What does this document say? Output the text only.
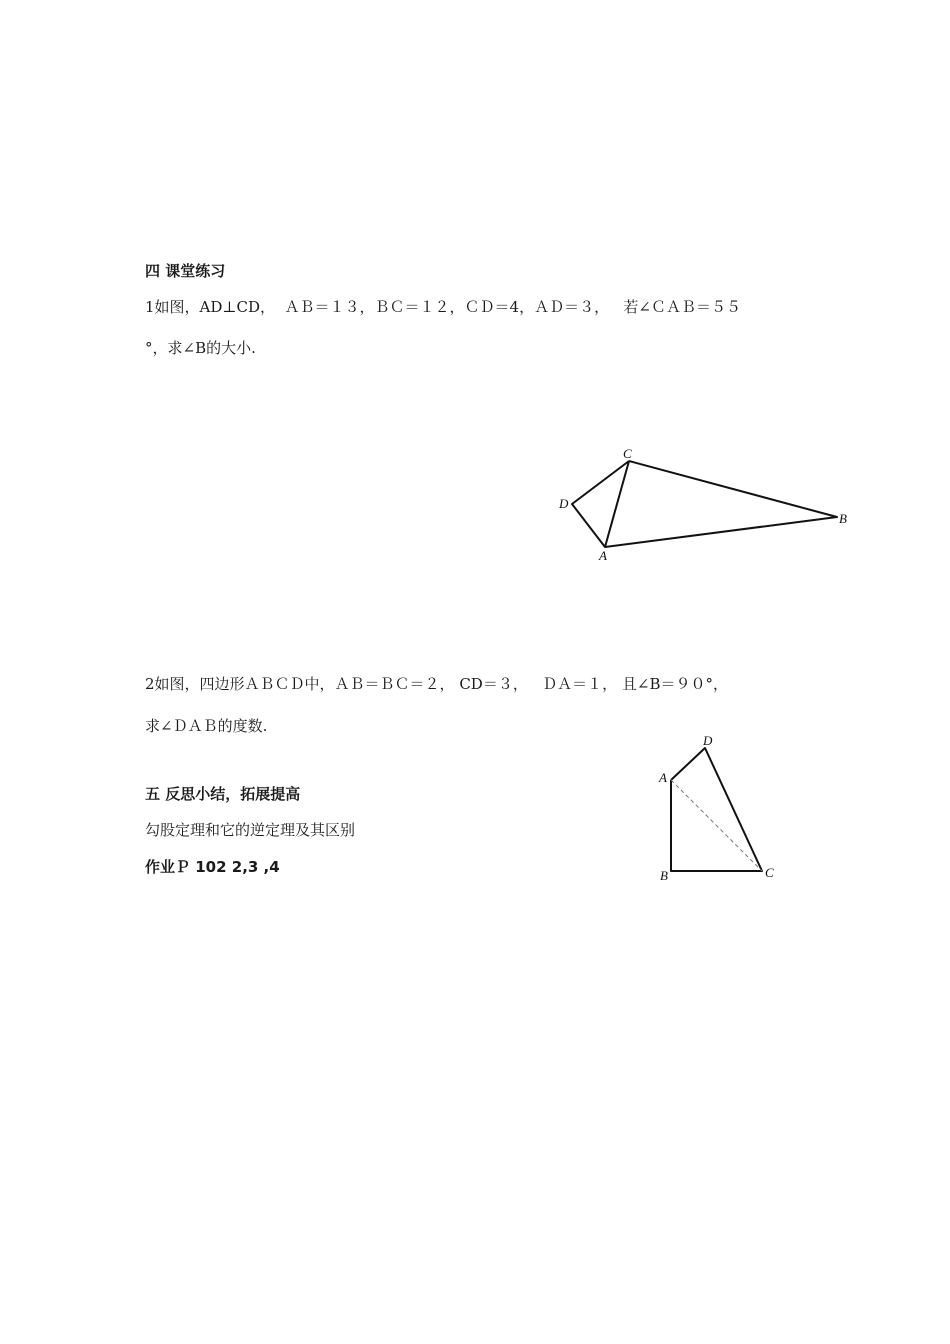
四 课堂练习
1如图，AD⊥CD，  ＡＢ＝１３，ＢＣ＝１２，ＣＤ＝4，ＡＤ＝３，   若∠ＣＡＢ＝５５
°，求∠B的大小.
C
D
A
B
2如图，四边形ＡＢＣＤ中，ＡＢ＝ＢＣ＝２， CD＝３，   ＤＡ＝１， 且∠B＝９０°，
求∠ＤＡＢ的度数.
D
A
B	C
五 反思小结，拓展提高
勾股定理和它的逆定理及其区别
作业Ｐ 102 2,3 ,4
